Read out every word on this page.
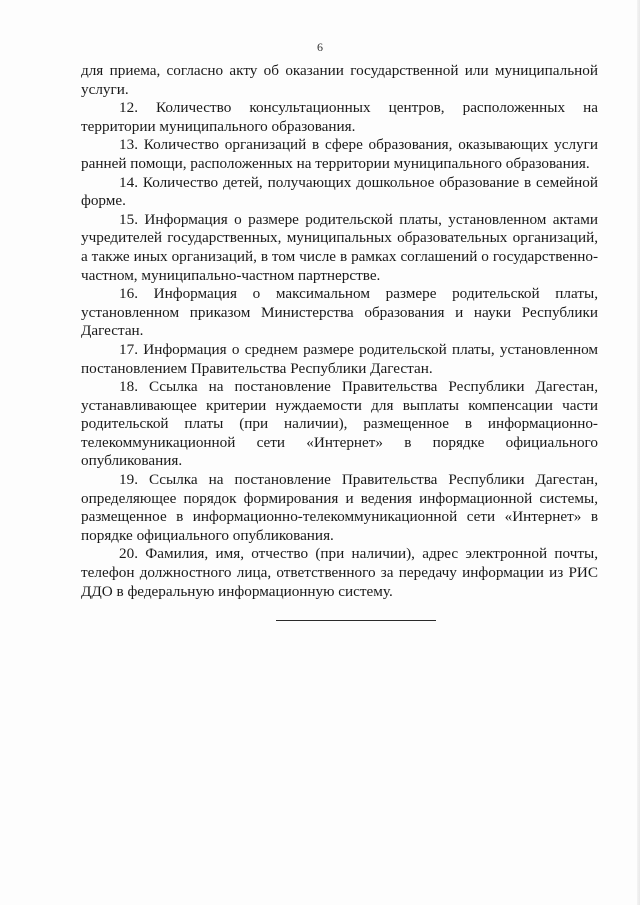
6

для приема, согласно акту об оказании государственной или муниципальной услуги.

12. Количество консультационных центров, расположенных на территории муниципального образования.

13. Количество организаций в сфере образования, оказывающих услуги ранней помощи, расположенных на территории муниципального образования.

14. Количество детей, получающих дошкольное образование в семейной форме.

15. Информация о размере родительской платы, установленном актами учредителей государственных, муниципальных образовательных организаций, а также иных организаций, в том числе в рамках соглашений о государственно-частном, муниципально-частном партнерстве.

16. Информация о максимальном размере родительской платы, установленном приказом Министерства образования и науки Республики Дагестан.

17. Информация о среднем размере родительской платы, установленном постановлением Правительства Республики Дагестан.

18. Ссылка на постановление Правительства Республики Дагестан, устанавливающее критерии нуждаемости для выплаты компенсации части родительской платы (при наличии), размещенное в информационно-телекоммуникационной сети «Интернет» в порядке официального опубликования.

19. Ссылка на постановление Правительства Республики Дагестан, определяющее порядок формирования и ведения информационной системы, размещенное в информационно-телекоммуникационной сети «Интернет» в порядке официального опубликования.

20. Фамилия, имя, отчество (при наличии), адрес электронной почты, телефон должностного лица, ответственного за передачу информации из РИС ДДО в федеральную информационную систему.
